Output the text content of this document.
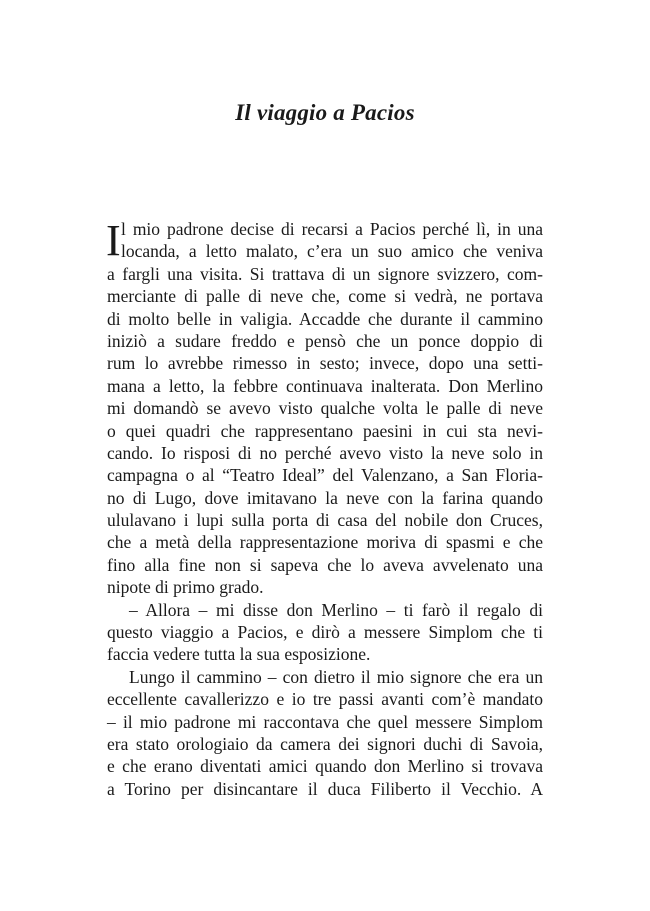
Il viaggio a Pacios
I l mio padrone decise di recarsi a Pacios perché lì, in una
locanda, a letto malato, c’era un suo amico che veniva
a fargli una visita. Si trattava di un signore svizzero, com-
merciante di palle di neve che, come si vedrà, ne portava
di molto belle in valigia. Accadde che durante il cammino
iniziò a sudare freddo e pensò che un ponce doppio di
rum lo avrebbe rimesso in sesto; invece, dopo una setti-
mana a letto, la febbre continuava inalterata. Don Merlino
mi domandò se avevo visto qualche volta le palle di neve
o quei quadri che rappresentano paesini in cui sta nevi-
cando. Io risposi di no perché avevo visto la neve solo in
campagna o al “Teatro Ideal” del Valenzano, a San Floria-
no di Lugo, dove imitavano la neve con la farina quando
ululavano i lupi sulla porta di casa del nobile don Cruces,
che a metà della rappresentazione moriva di spasmi e che
fino alla fine non si sapeva che lo aveva avvelenato una
nipote di primo grado.
– Allora – mi disse don Merlino – ti farò il regalo di
questo viaggio a Pacios, e dirò a messere Simplom che ti
faccia vedere tutta la sua esposizione.
Lungo il cammino – con dietro il mio signore che era un
eccellente cavallerizzo e io tre passi avanti com’è mandato
– il mio padrone mi raccontava che quel messere Simplom
era stato orologiaio da camera dei signori duchi di Savoia,
e che erano diventati amici quando don Merlino si trovava
a Torino per disincantare il duca Filiberto il Vecchio. A
